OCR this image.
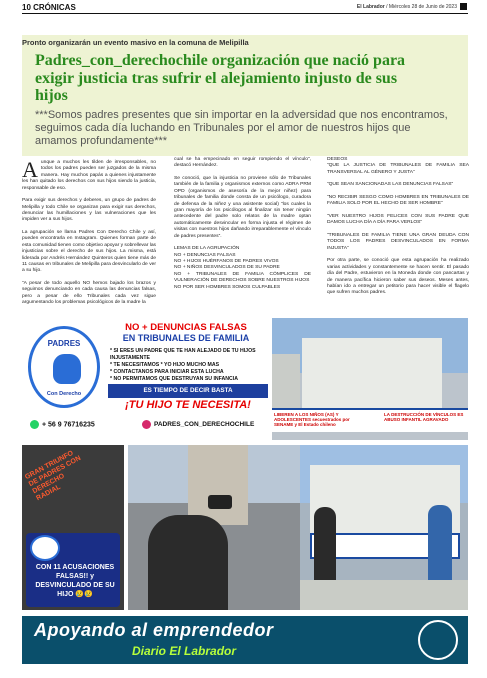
10 CRÓNICAS	El Labrador / Miércoles 28 de Junio de 2023
Pronto organizarán un evento masivo en la comuna de Melipilla
Padres_con_derechochile organización que nació para exigir justicia tras sufrir el alejamiento injusto de sus hijos
***Somos padres presentes que sin importar en la adversidad que nos encontramos, seguimos cada día luchando en Tribunales por el amor de nuestros hijos que amamos profundamente***

Aunque a muchos les tilden de irresponsables, no todos los padres pueden ser juzgados de la misma manera. Hay muchos papás a quienes injustamente les han quitado los derechos con sus hijos siendo la justicia, responsable de eso.

Para exigir sus derechos y deberes, un grupo de padres de Melipilla y todo Chile se organizan para exigir sus derechos, denunciar las humillaciones y las vulneraciones que les impiden ver a sus hijos.

La agrupación se llama Padres Con Derecho Chile y así, pueden encontrarla en Instagram. Quienes forman parte de esta comunidad tienen como objetivo apoyar y sobrellevar las injusticias sobre el derecho de sus hijos. La misma, está liderada por Andrés Hernández Quinteros quien tiene más de 11 causas en tribunales de Melipilla para desvincularlo de ver a su hijo.

“A pesar de todo aquello NO hemos bajado los brazos y seguimos denunciando en cada causa las denuncias falsas, pero a pesar de ello Tribunales cada vez sigue argumentando los problemas psicológicos de la madre la

cual se ha empecinado en seguir rompiendo el vínculo”, destacó Hernández.

Se conoció, que la injusticia no proviene sólo de Tribunales también de la familia y organismos externos como ADRA PRM OPD (organismos de asesoría de la mejor niñez) para tribunales de familia donde consta de un psicólogo, curadora de defensa de la niñez y una asistente social) “los cuales la gran mayoría de los psicólogos al finalizar sin tener ningún antecedente del padre solo relatos de la madre optan automáticamente desvincular en forma injusta el régimen de visitas con nuestros hijos dañando irreparablemente el vínculo de padres presentes”.

LEMAS DE LA AGRUPACIÓN
NO + DENUNCIAS FALSAS
NO + HIJOS HUÉRFANOS DE PADRES VIVOS
NO + NIÑOS DESVINCULADOS DE SU PADRE
NO + TRIBUNALES DE FAMILIA CÓMPLICES DE VULNERACIÓN DE DERECHOS SOBRE NUESTROS HIJOS
NO POR SER HOMBRES SOMOS CULPABLES
DESEOS

“QUE LA JUSTICIA DE TRIBUNALES DE FAMILIA SEA TRANSVERSAL AL GÉNERO Y JUSTA”

“QUE SEAN SANCIONADAS LAS DENUNCIAS FALSAS”

“NO RECIBIR SESGO COMO HOMBRES EN TRIBUNALES DE FAMILIA SOLO POR EL HECHO DE SER HOMBRE”

“VER NUESTRO HIJOS FELICES CON SUS PADRE QUE DAMOS LUCHA DÍA A DÍA PARA VERLOS”

“TRIBUNALES DE FAMILIA TIENE UNA GRAN DEUDA CON TODOS LOS PADRES DESVINCULADOS EN FORMA INJUSTA”

Por otra parte, se conoció que esta agrupación ha realizado varias actividades y constantemente se hacen sentir. El pasado día del Padre, estuvieron en la Moneda donde con pancartas y de manera pacífica hicieron saber sus deseos. Meses antes, habían ido a entregar un petitorio para hacer visible el flagelo que sufren muchos padres.

PADRES
Con Derecho
NO + DENUNCIAS FALSAS
EN TRIBUNALES DE FAMILIA
* SI ERES UN PADRE QUE TE HAN ALEJADO DE TU HIJOS INJUSTAMENTE
* TE NECESITAMOS * YO HIJO MUCHO MAS
* CONTACTANOS PARA INICIAR ESTA LUCHA
* NO PERMITAMOS QUE DESTRUYAN SU INFANCIA
ES TIEMPO DE DECIR BASTA
¡TU HIJO TE NECESITA!
+ 56 9 76716235	PADRES_CON_DERECHOCHILE
LIBEREN A LOS NIÑOS (AS) Y ADOLESCENTES secuestrados por SENAME y El Estado chileno
LA DESTRUCCIÓN DE VÍNCULOS ES ABUSO INFANTIL AGRAVADO
GRAN TRIUNFO DE PADRES CON DERECHO RADIAL
CON 11 ACUSACIONES FALSAS!! y DESVINCULADO DE SU HIJO 😢😢
Apoyando al emprendedor
Diario El Labrador
